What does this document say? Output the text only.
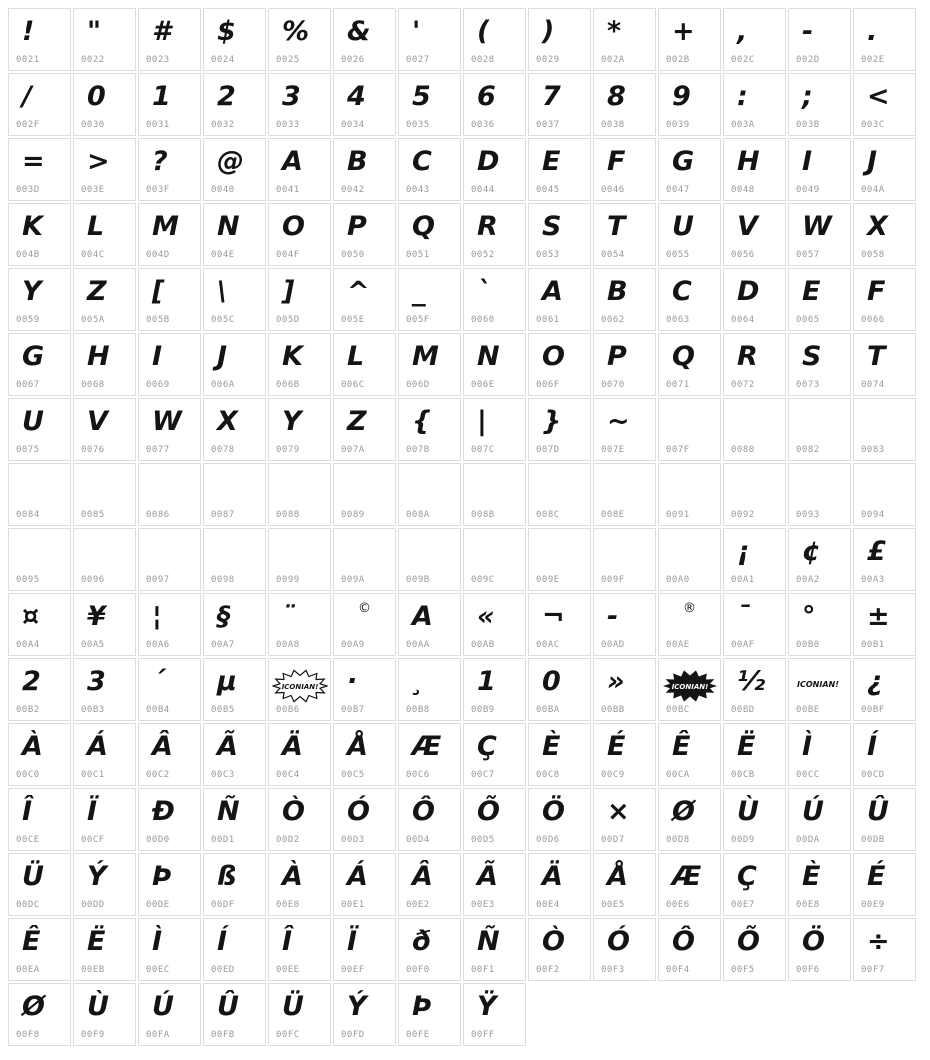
!
0021
"
0022
#
0023
$
0024
%
0025
&
0026
'
0027
(
0028
)
0029
*
002A
+
002B
,
002C
-
002D
.
002E
/
002F
0
0030
1
0031
2
0032
3
0033
4
0034
5
0035
6
0036
7
0037
8
0038
9
0039
:
003A
;
003B
<
003C
=
003D
>
003E
?
003F
@
0040
A
0041
B
0042
C
0043
D
0044
E
0045
F
0046
G
0047
H
0048
I
0049
J
004A
K
004B
L
004C
M
004D
N
004E
O
004F
P
0050
Q
0051
R
0052
S
0053
T
0054
U
0055
V
0056
W
0057
X
0058
Y
0059
Z
005A
[
005B
\
005C
]
005D
^
005E
_
005F
`
0060
A
0061
B
0062
C
0063
D
0064
E
0065
F
0066
G
0067
H
0068
I
0069
J
006A
K
006B
L
006C
M
006D
N
006E
O
006F
P
0070
Q
0071
R
0072
S
0073
T
0074
U
0075
V
0076
W
0077
X
0078
Y
0079
Z
007A
{
007B
|
007C
}
007D
~
007E	007F	0080	0082	0083
0084	0085	0086	0087	0088	0089	008A	008B	008C	008E	0091	0092	0093	0094
0095	0096	0097	0098	0099	009A	009B	009C	009E	009F	00A0
¡
00A1
¢
00A2
£
00A3
¤
00A4
¥
00A5
¦
00A6
§
00A7
¨
00A8
©
00A9
A
00AA
«
00AB
¬
00AC
-
00AD
®
00AE
¯
00AF
°
00B0
±
00B1
2
00B2
3
00B3
´
00B4
µ
00B5
ICONIAN!
00B6
·
00B7
¸
00B8
1
00B9
0
00BA
»
00BB
ICONIAN!
00BC
½
00BD
ICONIAN!
00BE
¿
00BF
À
00C0
Á
00C1
Â
00C2
Ã
00C3
Ä
00C4
Å
00C5
Æ
00C6
Ç
00C7
È
00C8
É
00C9
Ê
00CA
Ë
00CB
Ì
00CC
Í
00CD
Î
00CE
Ï
00CF
Ð
00D0
Ñ
00D1
Ò
00D2
Ó
00D3
Ô
00D4
Õ
00D5
Ö
00D6
×
00D7
Ø
00D8
Ù
00D9
Ú
00DA
Û
00DB
Ü
00DC
Ý
00DD
Þ
00DE
ß
00DF
À
00E0
Á
00E1
Â
00E2
Ã
00E3
Ä
00E4
Å
00E5
Æ
00E6
Ç
00E7
È
00E8
É
00E9
Ê
00EA
Ë
00EB
Ì
00EC
Í
00ED
Î
00EE
Ï
00EF
ð
00F0
Ñ
00F1
Ò
00F2
Ó
00F3
Ô
00F4
Õ
00F5
Ö
00F6
÷
00F7
Ø
00F8
Ù
00F9
Ú
00FA
Û
00FB
Ü
00FC
Ý
00FD
Þ
00FE
Ÿ
00FF
